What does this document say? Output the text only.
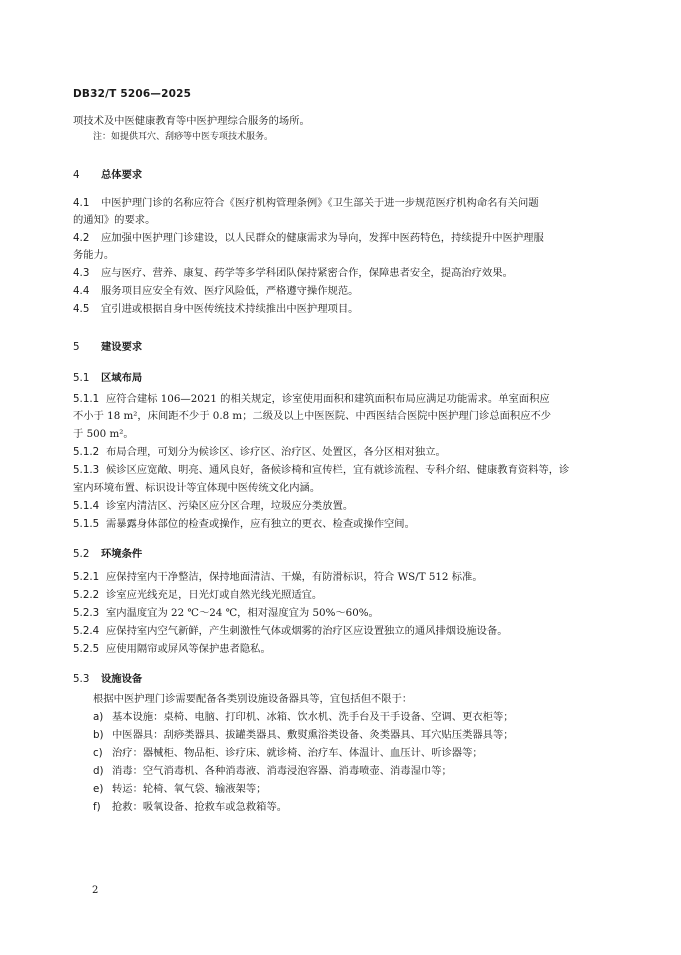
DB32/T 5206—2025
项技术及中医健康教育等中医护理综合服务的场所。
注：如提供耳穴、刮痧等中医专项技术服务。
4 总体要求
4.1 中医护理门诊的名称应符合《医疗机构管理条例》《卫生部关于进一步规范医疗机构命名有关问题
的通知》的要求。
4.2 应加强中医护理门诊建设，以人民群众的健康需求为导向，发挥中医药特色，持续提升中医护理服
务能力。
4.3 应与医疗、营养、康复、药学等多学科团队保持紧密合作，保障患者安全，提高治疗效果。
4.4 服务项目应安全有效、医疗风险低，严格遵守操作规范。
4.5 宜引进或根据自身中医传统技术持续推出中医护理项目。
5 建设要求
5.1 区域布局
5.1.1 应符合建标 106—2021 的相关规定，诊室使用面积和建筑面积布局应满足功能需求。单室面积应
不小于 18 m²，床间距不少于 0.8 m；二级及以上中医医院、中西医结合医院中医护理门诊总面积应不少
于 500 m²。
5.1.2 布局合理，可划分为候诊区、诊疗区、治疗区、处置区，各分区相对独立。
5.1.3 候诊区应宽敞、明亮、通风良好，备候诊椅和宣传栏，宜有就诊流程、专科介绍、健康教育资料等，诊
室内环境布置、标识设计等宜体现中医传统文化内涵。
5.1.4 诊室内清洁区、污染区应分区合理，垃圾应分类放置。
5.1.5 需暴露身体部位的检查或操作，应有独立的更衣、检查或操作空间。
5.2 环境条件
5.2.1 应保持室内干净整洁，保持地面清洁、干燥，有防滑标识，符合 WS/T 512 标准。
5.2.2 诊室应光线充足，日光灯或自然光线光照适宜。
5.2.3 室内温度宜为 22 ℃～24 ℃，相对湿度宜为 50%～60%。
5.2.4 应保持室内空气新鲜，产生刺激性气体或烟雾的治疗区应设置独立的通风排烟设施设备。
5.2.5 应使用隔帘或屏风等保护患者隐私。
5.3 设施设备
根据中医护理门诊需要配备各类别设施设备器具等，宜包括但不限于：
a) 基本设施：桌椅、电脑、打印机、冰箱、饮水机、洗手台及干手设备、空调、更衣柜等；
b) 中医器具：刮痧类器具、拔罐类器具、敷熨熏浴类设备、灸类器具、耳穴贴压类器具等；
c) 治疗：器械柜、物品柜、诊疗床、就诊椅、治疗车、体温计、血压计、听诊器等；
d) 消毒：空气消毒机、各种消毒液、消毒浸泡容器、消毒喷壶、消毒湿巾等；
e) 转运：轮椅、氧气袋、输液架等；
f) 抢救：吸氧设备、抢救车或急救箱等。
2
